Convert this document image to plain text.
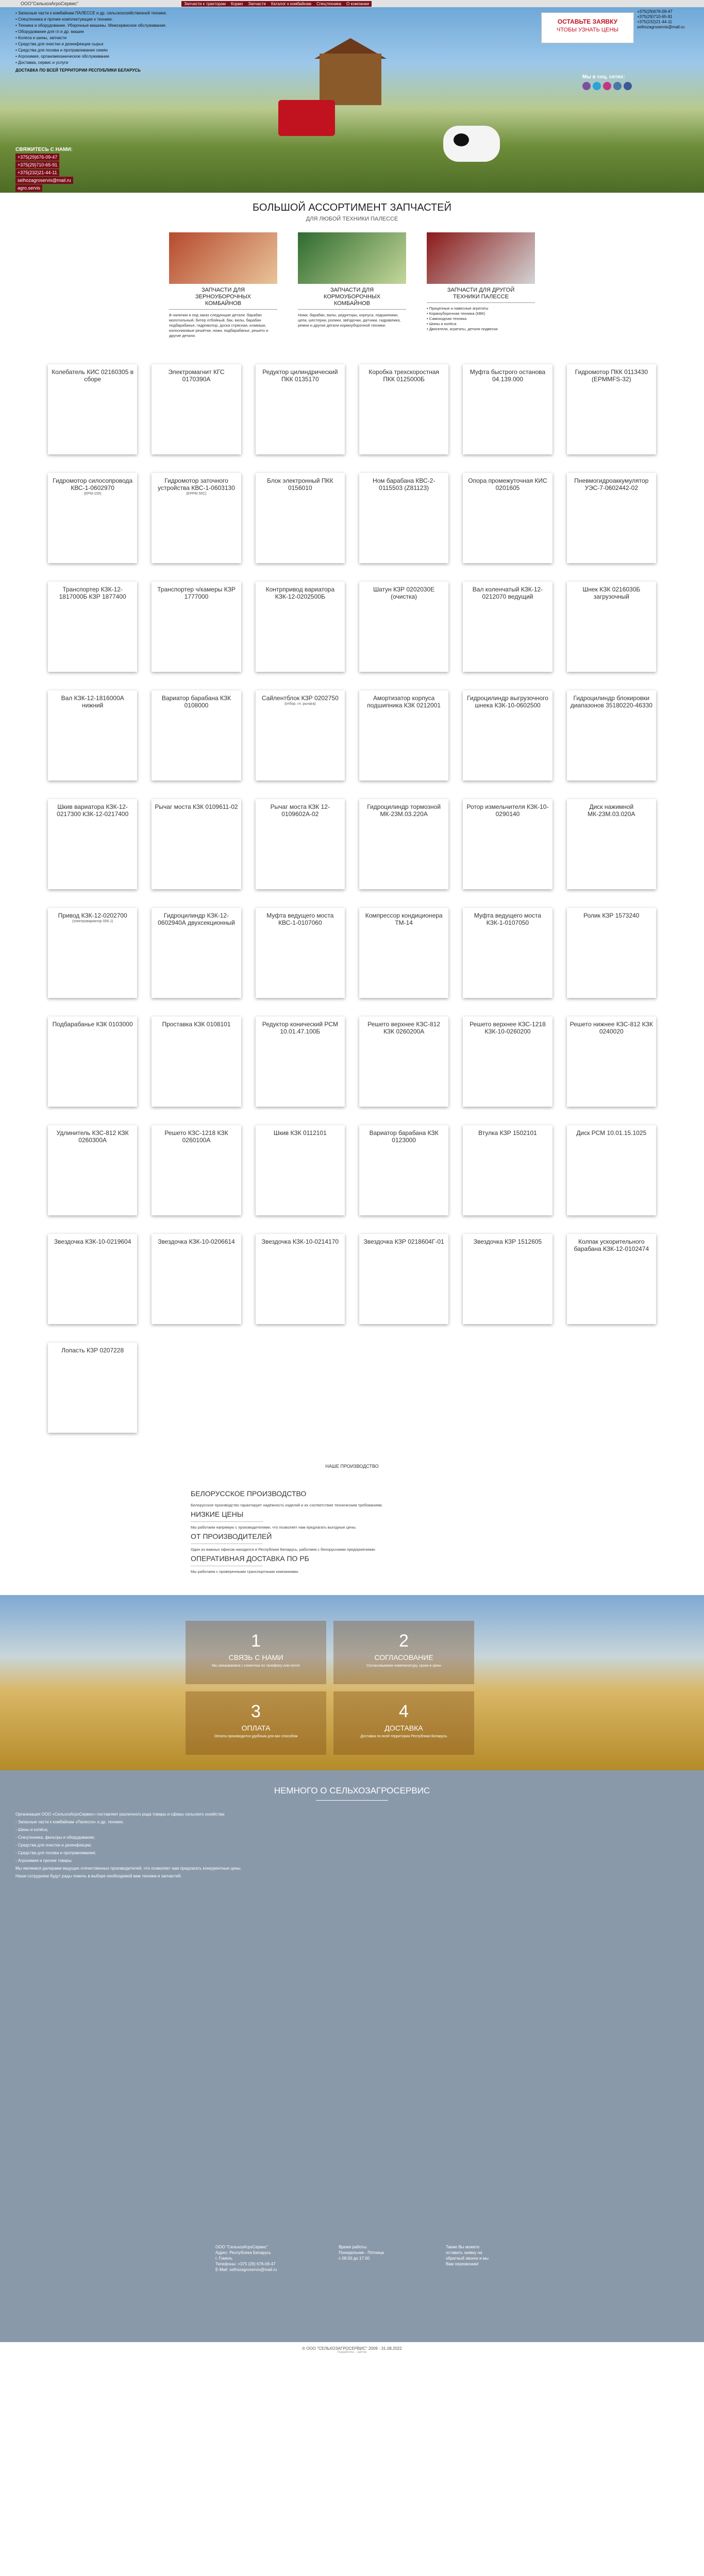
ООО"СельхозАгроСервис"	Запчасти к тракторам	Кормо	Запчасти	Каталог к комбайнам	Спецтехника	О компании

• Запасные части к комбайнам ПАЛЕССЕ и др. сельскохозяйственной технике.

• Спецтехника и прочие комплектующие к технике.

• Техника и оборудование. Уборочные машины. Межсервисное обслуживание.

• Оборудование для гл и др. машин

• Колеса и шины, запчасти

• Средства для очистки и дезинфекции сырья

• Средства для посева и протравливания семян

• Агрохимия, органомеханическое обслуживание

• Доставка, сервис и услуги

ДОСТАВКА ПО ВСЕЙ ТЕРРИТОРИИ РЕСПУБЛИКИ БЕЛАРУСЬ

ОСТАВЬТЕ ЗАЯВКУ
ЧТОБЫ УЗНАТЬ ЦЕНЫ
+375(29)676-09-47
+375(29)710-65-91
+375(232)21-44-11
selhozagroservis@mail.ru
Мы в соц. сетях:
СВЯЖИТЕСЬ С НАМИ:
+375(29)676-09-47
+375(29)710-65-91
+375(232)21-44-11
selhozagroservis@mail.ru
agro.servis

БОЛЬШОЙ АССОРТИМЕНТ ЗАПЧАСТЕЙ
ДЛЯ ЛЮБОЙ ТЕХНИКИ ПАЛЕССЕ
ЗАПЧАСТИ ДЛЯ ЗЕРНОУБОРОЧНЫХ КОМБАЙНОВ

В наличии и под заказ следующие детали: барабан молотильный, битер отбойный, бак, вилы, барабан подбарабанье, гидромотор, доска стрясная, клавиши, колосниковые решётки, ножи, подбарабанье, решето и другие детали.

ЗАПЧАСТИ ДЛЯ КОРМОУБОРОЧНЫХ КОМБАЙНОВ

Ножи, барабан, валы, редукторы, корпуса, подшипники, цепи, шестерни, ролики, звёздочки, датчики, гидравлика, ремни и другие детали кормоуборочной техники.

ЗАПЧАСТИ ДЛЯ ДРУГОЙ ТЕХНИКИ ПАЛЕССЕ

• Прицепные и навесные агрегаты
• Кормоуборочная техника (КВК)
• Самоходная техника
• Шины и колёса
• Двигатели, агрегаты, детали подвески

Колебатель КИС 02160305 в сборе
Электромагнит КГС 0170390А
Редуктор цилиндрический ПКК 0135170
Коробка трехскоростная ПКК 0125000Б
Муфта быстрого останова 04.139.000
Гидромотор ПКК 0113430 (EPMMFS-32)
Гидромотор силосопровода КВС-1-0602970
(ЕРМ-100)
Гидромотор заточного устройства КВС-1-0603130
(ЕРРМ 50C)
Блок электронный ПКК 0156010
Ном барабана КВС-2-0115503 (Z81123)
Опора промежуточная КИС 0201605
Пневмогидроаккумулятор УЭС-7-0602442-02
Транспортер КЗК-12-1817000Б КЗР 1877400
Транспортер ч/камеры КЗР 1777000
Контрпривод вариатора КЗК-12-0202500Б
Шатун КЗР 0202030Е (очистка)
Вал коленчатый КЗК-12-0212070 ведущий
Шнек КЗК 0216030Б загрузочный
Вал КЗК-12-1816000А нижний
Вариатор барабана КЗК 0108000
Сайлентблок КЗР 0202750
(отбор. гл. рычага)
Амортизатор корпуса подшипника КЗК 0212001
Гидроцилиндр выгрузочного шнека КЗК-10-0602500
Гидроцилиндр блокировки диапазонов 35180220-46330
Шкив вариатора КЗК-12-0217300 КЗК-12-0217400
Рычаг моста КЗК 0109611-02	Рычаг моста КЗК 12-0109602А-02
Гидроцилиндр тормозной МК-23М.03.220А
Ротор измельчителя КЗК-10-0290140
Диск нажимной МК-23М.03.020А
Привод КЗК-12-0202700
(электровариатор 006.1)
Гидроцилиндр КЗК-12-0602940А двухсекционный
Муфта ведущего моста КВС-1-0107060
Компрессор кондиционера ТМ-14
Муфта ведущего моста КЗК-1-0107050
Ролик КЗР 1573240
Подбарабанье КЗК 0103000	Проставка КЗК 0108101	Редуктор конический РСМ 10.01.47.100Б
Решето верхнее КЗС-812 КЗК 0260200А
Решето верхнее КЗС-1218 КЗК-10-0260200
Решето нижнее КЗС-812 КЗК 0240020
Удлинитель КЗС-812 КЗК 0260300А
Решето КЗС-1218 КЗК 0260100А
Шкив КЗК 0112101	Вариатор барабана КЗК 0123000
Втулка КЗР 1502101	Диск РСМ 10.01.15.1025
Звездочка КЗК-10-0219604	Звездочка КЗК-10-0206614	Звездочка КЗК-10-0214170	Звездочка КЗР 0218604Г-01	Звездочка КЗР 1512605	Колпак ускорительного барабана КЗК-12-0102474
Лопасть КЗР 0207228
НАШЕ ПРОИЗВОДСТВО
БЕЛОРУССКОЕ ПРОИЗВОДСТВО

Белорусское производство гарантирует надёжность изделий и их соответствие техническим требованиям.

НИЗКИЕ ЦЕНЫ

Мы работаем напрямую с производителями, что позволяет нам предлагать выгодные цены.

ОТ ПРОИЗВОДИТЕЛЕЙ

Один из важных офисов находится в Республике Беларусь, работаем с белорусскими предприятиями.

ОПЕРАТИВНАЯ ДОСТАВКА ПО РБ

Мы работаем с проверенными транспортными компаниями.

1
СВЯЗЬ С НАМИ
Мы связываемся с клиентом по телефону или почте
2
СОГЛАСОВАНИЕ
Согласовываем номенклатуру, сроки и цены
3
ОПЛАТА
Оплата производится удобным для вас способом
4
ДОСТАВКА
Доставка по всей территории Республики Беларусь
НЕМНОГО О СЕЛЬХОЗАГРОСЕРВИС

Организация ООО «СельхозАгроСервис» поставляет различного рода товары и сферы сельского хозяйства:

- Запасные части к комбайнам «Палессе» и др. технике;

- Шины и колёса;

- Спецтехника, фильтры и оборудование;

- Средства для очистки и дезинфекции;

- Средства для посева и протравливания;

- Агрохимия и прочие товары.

Мы являемся дилерами ведущих отечественных производителей, что позволяет нам предлагать конкурентные цены.

Наши сотрудники будут рады помочь в выборе необходимой вам техники и запчастей.

ООО "СельхозАгроСервис"
Адрес: Республика Беларусь
г. Гомель
Телефоны: +375 (29) 676-09-47
E-Mail: selhozagroservis@mail.ru
Время работы:
Понедельник - Пятница
с 08.00 до 17.00
Также Вы можете
оставить заявку на
обратный звонок и мы
Вам перезвоним!
© ООО "СЕЛЬХОЗАГРОСЕРВИС" 2009 - 31.08.2022
Разработка · сайтов
